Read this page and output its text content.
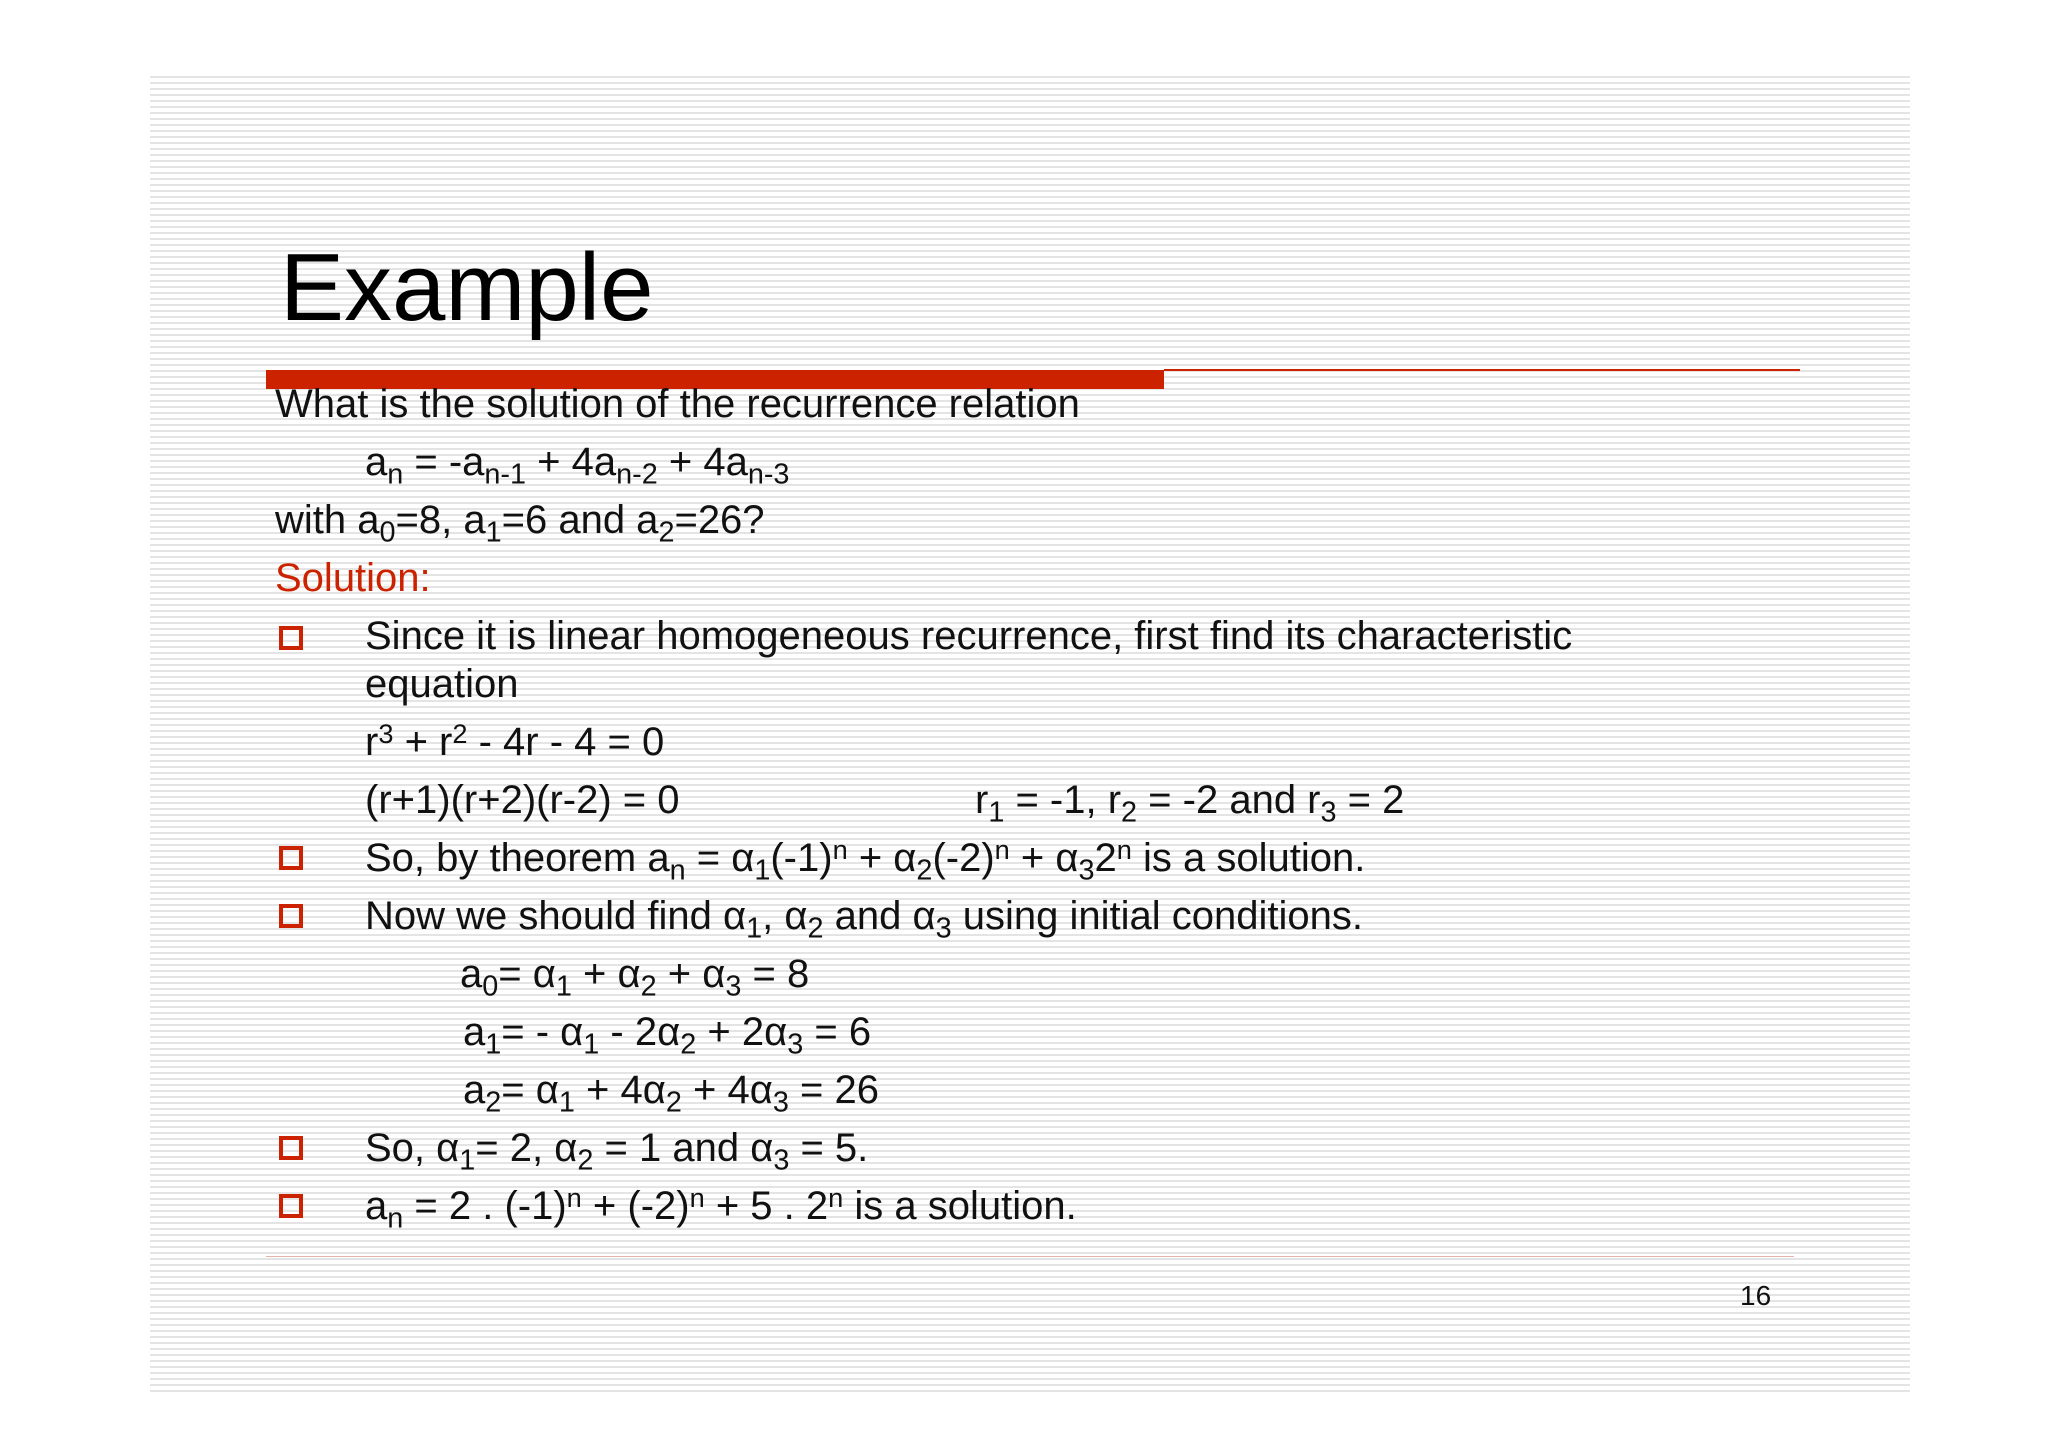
Example
What is the solution of the recurrence relation
$a_n = -a_{n-1} + 4a_{n-2} + 4a_{n-3}$
with $a_0=8$, $a_1=6$ and $a_2=26$?
Solution:
Since it is linear homogeneous recurrence, first find its characteristic
equation
$r^3 + r^2 - 4r - 4 = 0$
(r+1)(r+2)(r-2) = 0	$r_1 = -1$, $r_2 = -2$ and $r_3 = 2$
So, by theorem $a_n = \alpha_1(-1)^n + \alpha_2(-2)^n + \alpha_32^n$ is a solution.
Now we should find $\alpha_1$, $\alpha_2$ and $\alpha_3$ using initial conditions.
$a_0= \alpha_1 + \alpha_2 + \alpha_3 = 8$
$a_1= - \alpha_1 - 2\alpha_2 + 2\alpha_3 = 6$
$a_2= \alpha_1 + 4\alpha_2 + 4\alpha_3 = 26$
So, $\alpha_1= 2$, $\alpha_2 = 1$ and $\alpha_3 = 5$.
$a_n = 2$ . $(-1)^n + (-2)^n + 5$ . 2$^n$ is a solution.
16
